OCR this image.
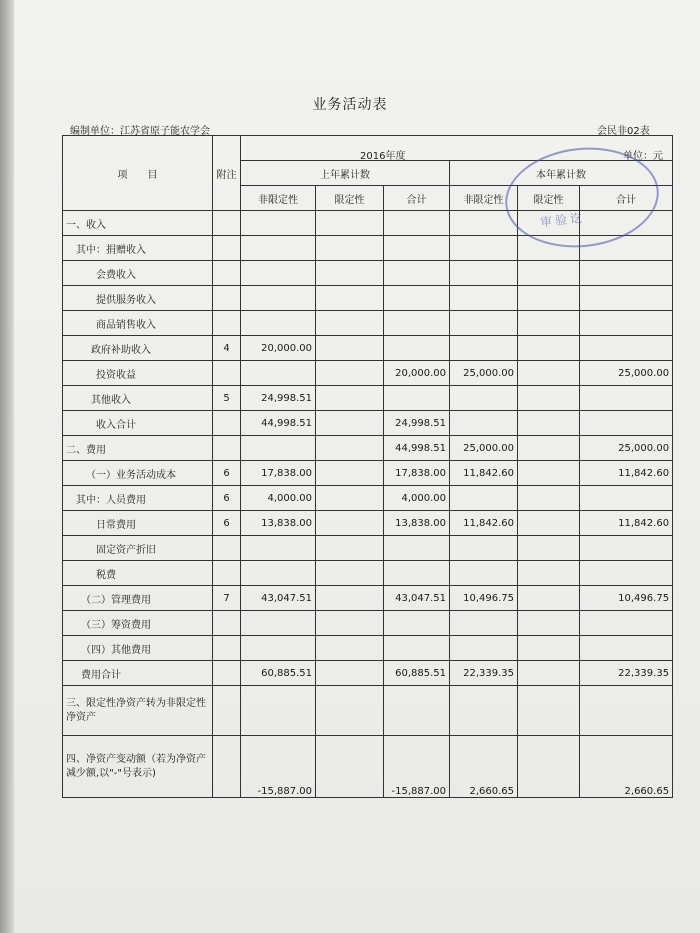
业务活动表
编制单位：江苏省原子能农学会	会民非02表
2016年度	单位：元
项　　目	附注						
		上年累计数			本年累计数		
		非限定性	限定性	合计	非限定性	限定性	合计
一、收入							
其中：捐赠收入							
会费收入							
提供服务收入							
商品销售收入							
政府补助收入	4	20,000.00					
投资收益				20,000.00	25,000.00		25,000.00
其他收入	5	24,998.51					
收入合计		44,998.51		24,998.51			
二、费用				44,998.51	25,000.00		25,000.00
（一）业务活动成本	6	17,838.00		17,838.00	11,842.60		11,842.60
其中：人员费用	6	4,000.00		4,000.00			
日常费用	6	13,838.00		13,838.00	11,842.60		11,842.60
固定资产折旧							
税费							
（二）管理费用	7	43,047.51		43,047.51	10,496.75		10,496.75
（三）筹资费用							
（四）其他费用							
费用合计		60,885.51		60,885.51	22,339.35		22,339.35
三、限定性净资产转为非限定性净资产							
四、净资产变动额（若为净资产减少额,以"-"号表示)		-15,887.00		-15,887.00	2,660.65		2,660.65
审验讫
